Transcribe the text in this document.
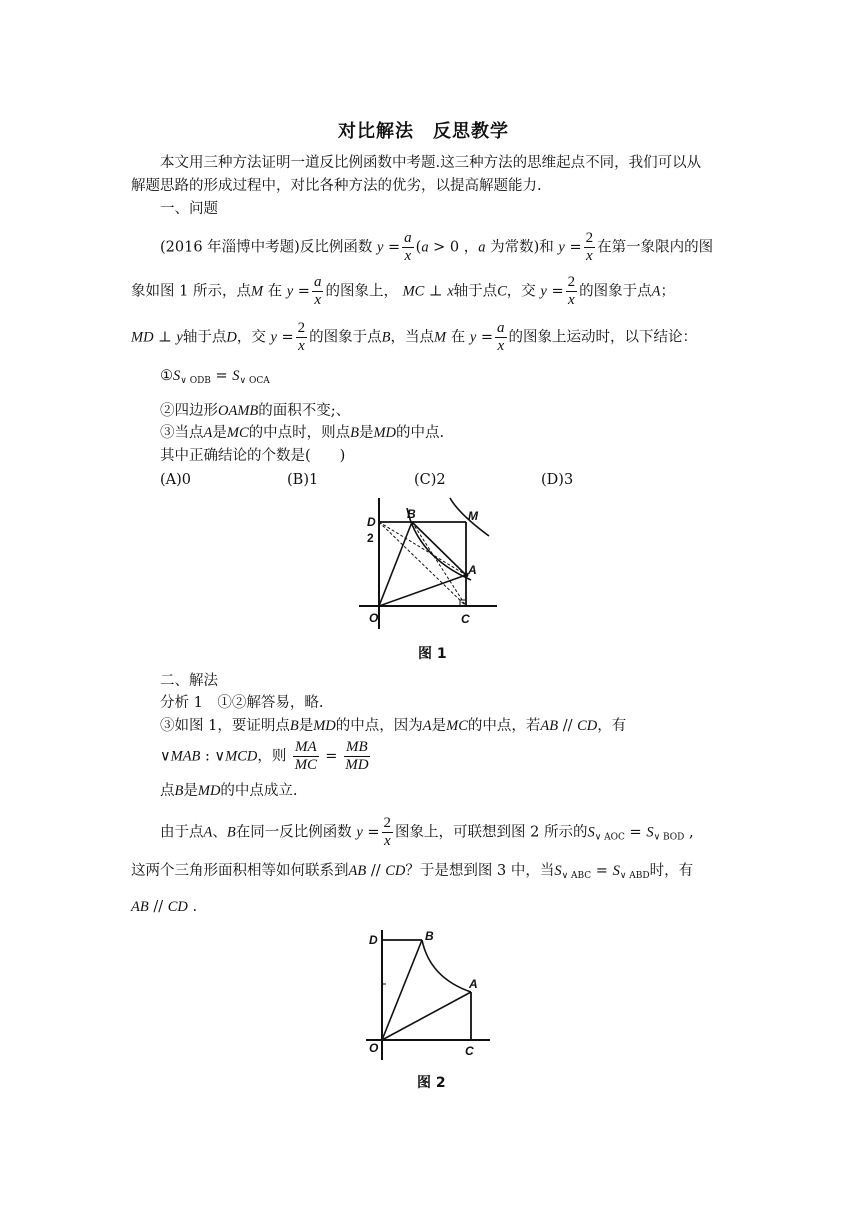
对比解法　反思教学
本文用三种方法证明一道反比例函数中考题.这三种方法的思维起点不同，我们可以从
解题思路的形成过程中，对比各种方法的优劣，以提高解题能力.
一、问题
(2016 年淄博中考题)反比例函数 $y = \frac{a}{x} (a > 0$ ，a 为常数)和 $y = \frac{2}{x}$ 在第一象限内的图
象如图 1 所示，点M 在 $y = \frac{a}{x}$ 的图象上， MC ⊥ x轴于点C，交 $y = \frac{2}{x}$ 的图象于点A；
MD ⊥ y轴于点D，交 $y = \frac{2}{x}$ 的图象于点B，当点M 在 $y = \frac{a}{x}$ 的图象上运动时，以下结论：
$①S_{\vee ODB} = S_{\vee OCA}$
②四边形OAMB的面积不变;、
③当点A是MC的中点时，则点B是MD的中点.
其中正确结论的个数是(　　)
(A)0	(B)1	(C)2	(D)3
D
2
B	M
A
O	C
图 1
二、解法
分析 1　①②解答易，略.
③如图 1，要证明点B是MD的中点，因为A是MC的中点，若AB // CD，有
∨MAB : ∨MCD，则 $\frac{MA}{MC} = \frac{MB}{MD}$
点B是MD的中点成立.
由于点A、B在同一反比例函数 $y = \frac{2}{x}$ 图象上，可联想到图 2 所示的$S_{\vee AOC} = S_{\vee BOD}$ ,
这两个三角形面积相等如何联系到AB // CD？于是想到图 3 中，当$S_{\vee ABC} = S_{\vee ABD}$时，有
AB // CD .
D	B
A
O	C
图 2
